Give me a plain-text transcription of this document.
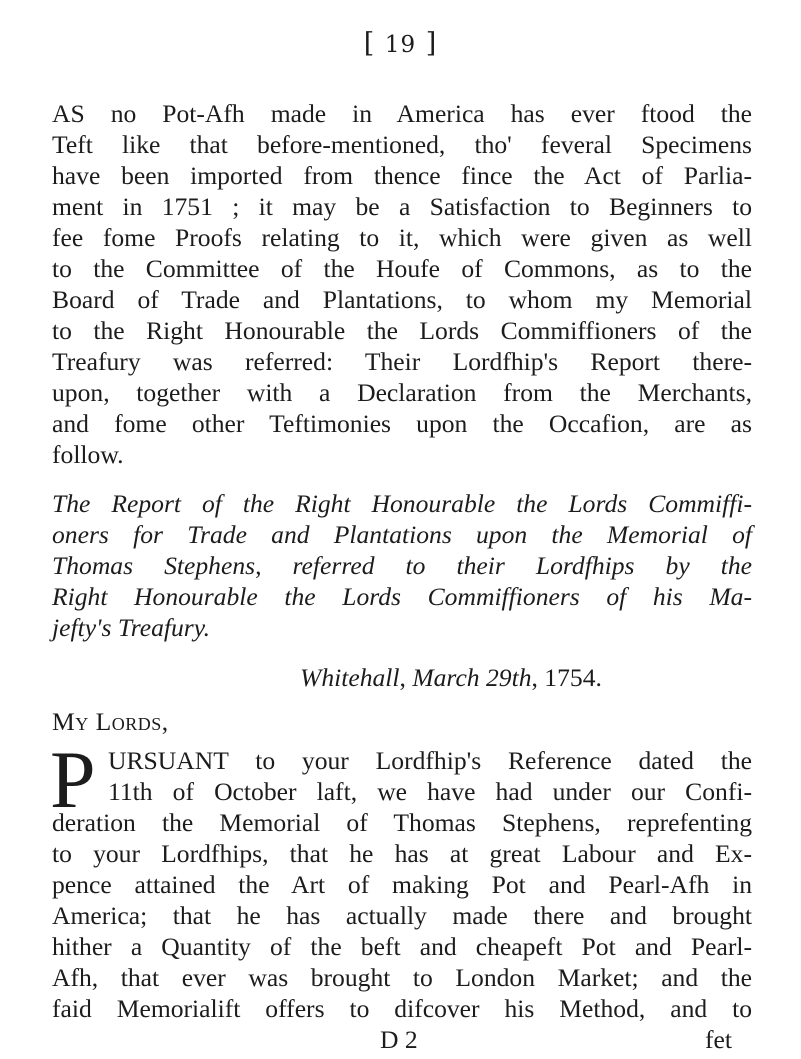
[ 19 ]
AS no Pot-Afh made in America has ever ftood the
Teft like that before-mentioned, tho' feveral Specimens
have been imported from thence fince the Act of Parlia-
ment in 1751 ; it may be a Satisfaction to Beginners to
fee fome Proofs relating to it, which were given as well
to the Committee of the Houfe of Commons, as to the
Board of Trade and Plantations, to whom my Memorial
to the Right Honourable the Lords Commiffioners of the
Treafury was referred: Their Lordfhip's Report there-
upon, together with a Declaration from the Merchants,
and fome other Teftimonies upon the Occafion, are as
follow.
The Report of the Right Honourable the Lords Commiffi-
oners for Trade and Plantations upon the Memorial of
Thomas Stephens, referred to their Lordfhips by the
Right Honourable the Lords Commiffioners of his Ma-
jefty's Treafury.
Whitehall, March 29th, 1754.
My Lords,
P URSUANT to your Lordfhip's Reference dated the
11th of October laft, we have had under our Confi-
deration the Memorial of Thomas Stephens, reprefenting
to your Lordfhips, that he has at great Labour and Ex-
pence attained the Art of making Pot and Pearl-Afh in
America; that he has actually made there and brought
hither a Quantity of the beft and cheapeft Pot and Pearl-
Afh, that ever was brought to London Market; and the
faid Memorialift offers to difcover his Method, and to
D 2	fet
